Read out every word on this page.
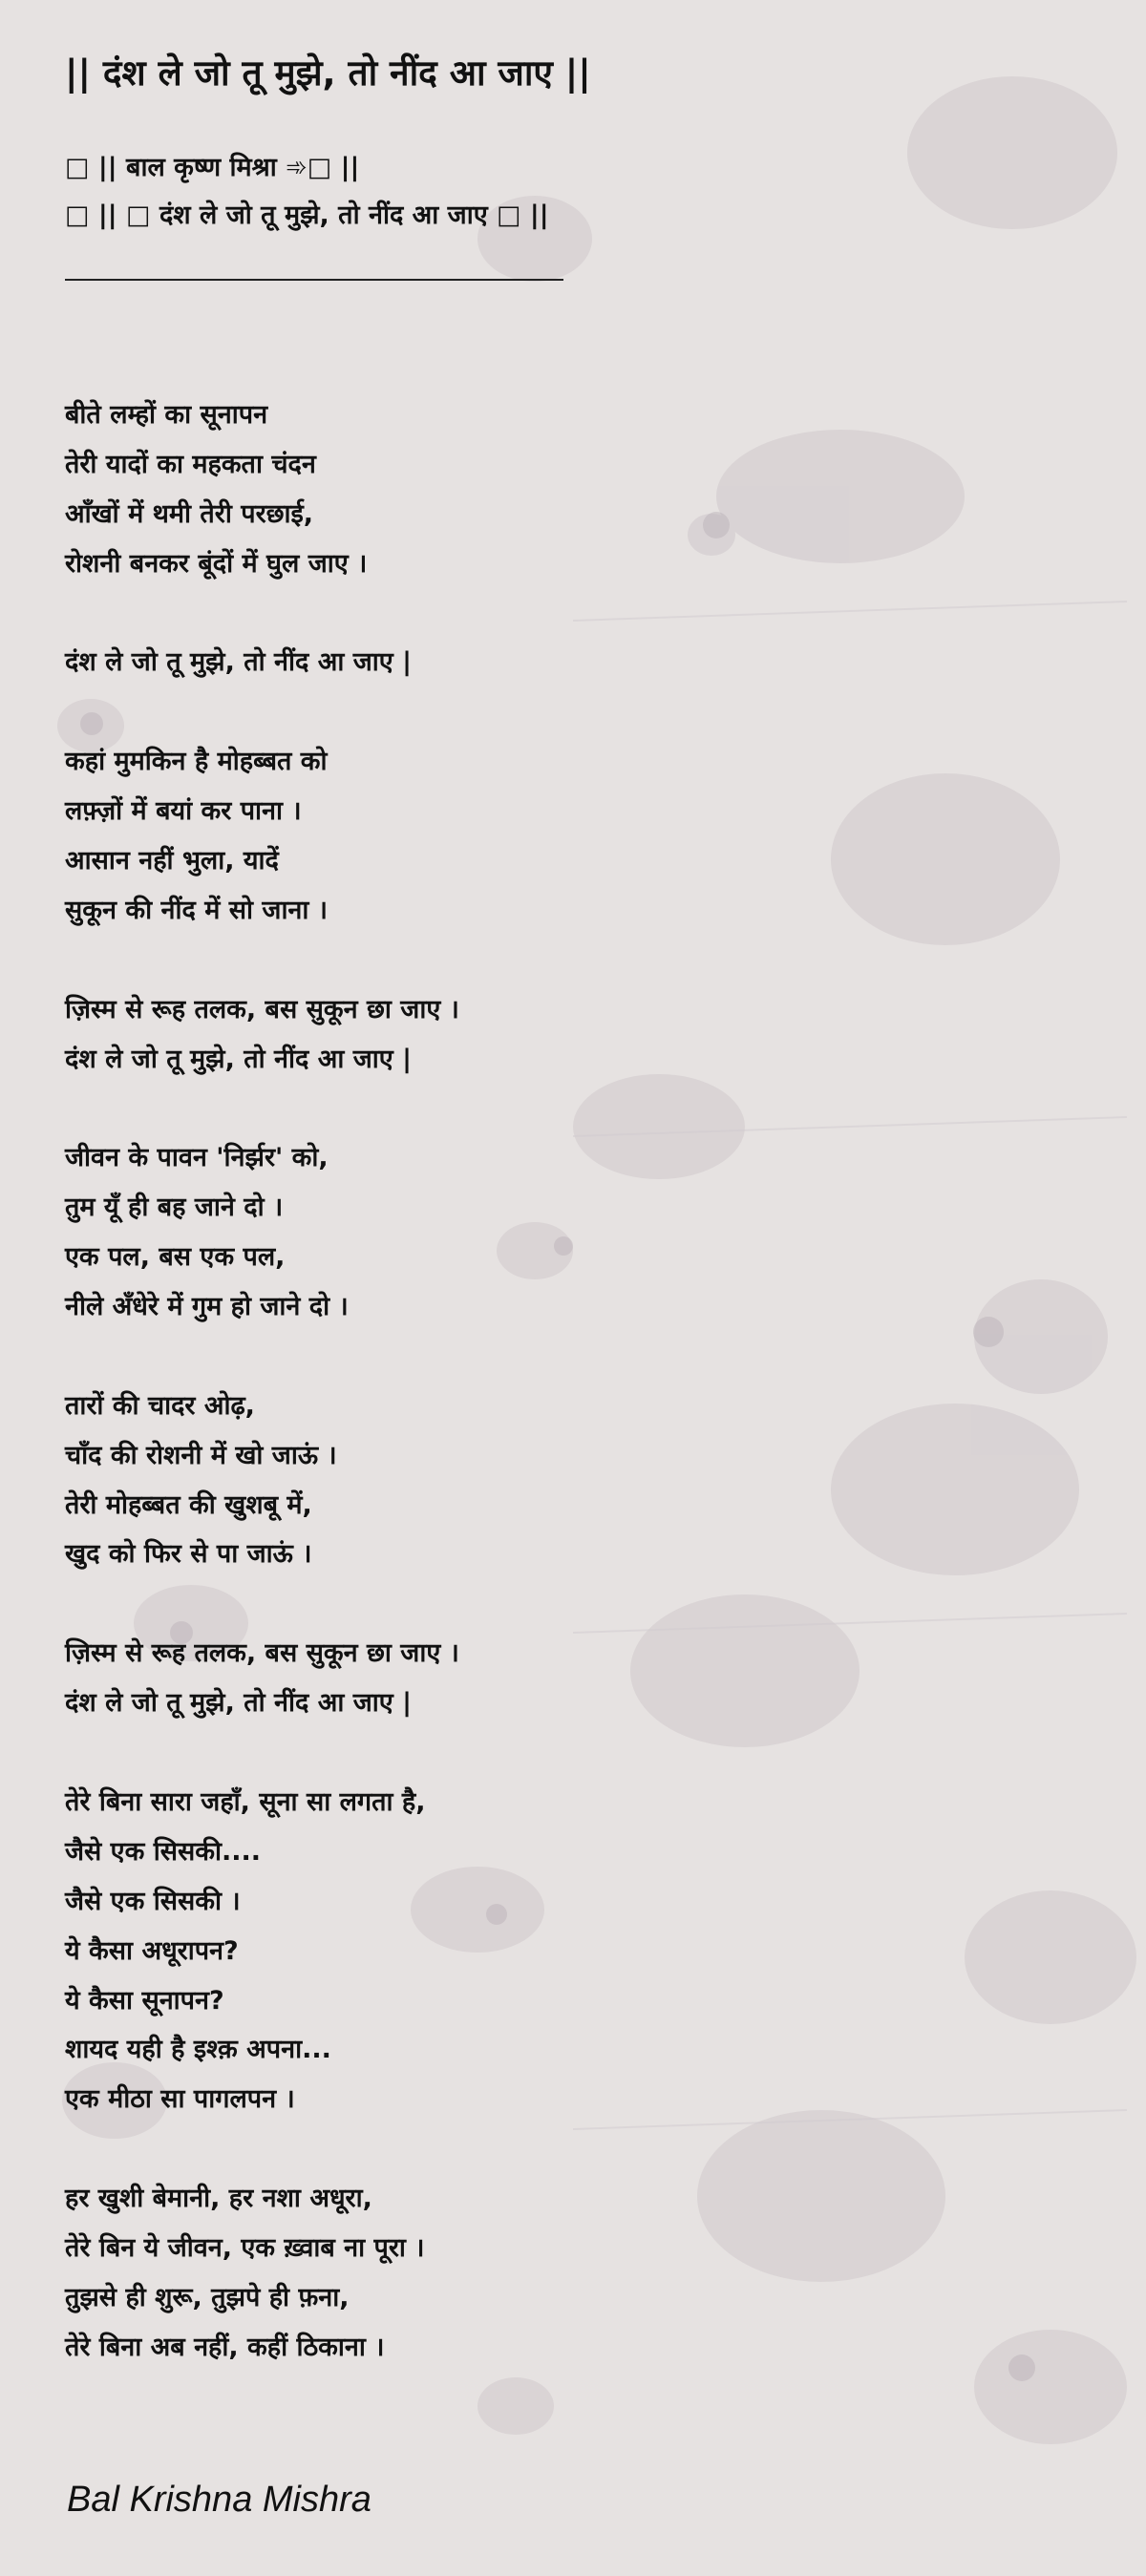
|| दंश ले जो तू मुझे, तो नींद आ जाए ||
□ || बाल कृष्ण मिश्रा ➾□ ||
□ || □ दंश ले जो तू मुझे, तो नींद आ जाए □ ||
बीते लम्हों का सूनापन
तेरी यादों का महकता चंदन
आँखों में थमी तेरी परछाई,
रोशनी बनकर बूंदों में घुल जाए ।
दंश ले जो तू मुझे, तो नींद आ जाए |
कहां मुमकिन है मोहब्बत को
लफ़्ज़ों में बयां कर पाना ।
आसान नहीं भुला, यादें
सुकून की नींद में सो जाना ।
ज़िस्म से रूह तलक, बस सुकून छा जाए ।
दंश ले जो तू मुझे, तो नींद आ जाए |
जीवन के पावन 'निर्झर' को,
तुम यूँ ही बह जाने दो ।
एक पल, बस एक पल,
नीले अँधेरे में गुम हो जाने दो ।
तारों की चादर ओढ़,
चाँद की रोशनी में खो जाऊं ।
तेरी मोहब्बत की खुशबू में,
खुद को फिर से पा जाऊं ।
ज़िस्म से रूह तलक, बस सुकून छा जाए ।
दंश ले जो तू मुझे, तो नींद आ जाए |
तेरे बिना सारा जहाँ, सूना सा लगता है,
जैसे एक सिसकी....
जैसे एक सिसकी ।
ये कैसा अधूरापन?
ये कैसा सूनापन?
शायद यही है इश्क़ अपना...
एक मीठा सा पागलपन ।
हर खुशी बेमानी, हर नशा अधूरा,
तेरे बिन ये जीवन, एक ख़्वाब ना पूरा ।
तुझसे ही शुरू, तुझपे ही फ़ना,
तेरे बिना अब नहीं, कहीं ठिकाना ।
Bal Krishna Mishra
